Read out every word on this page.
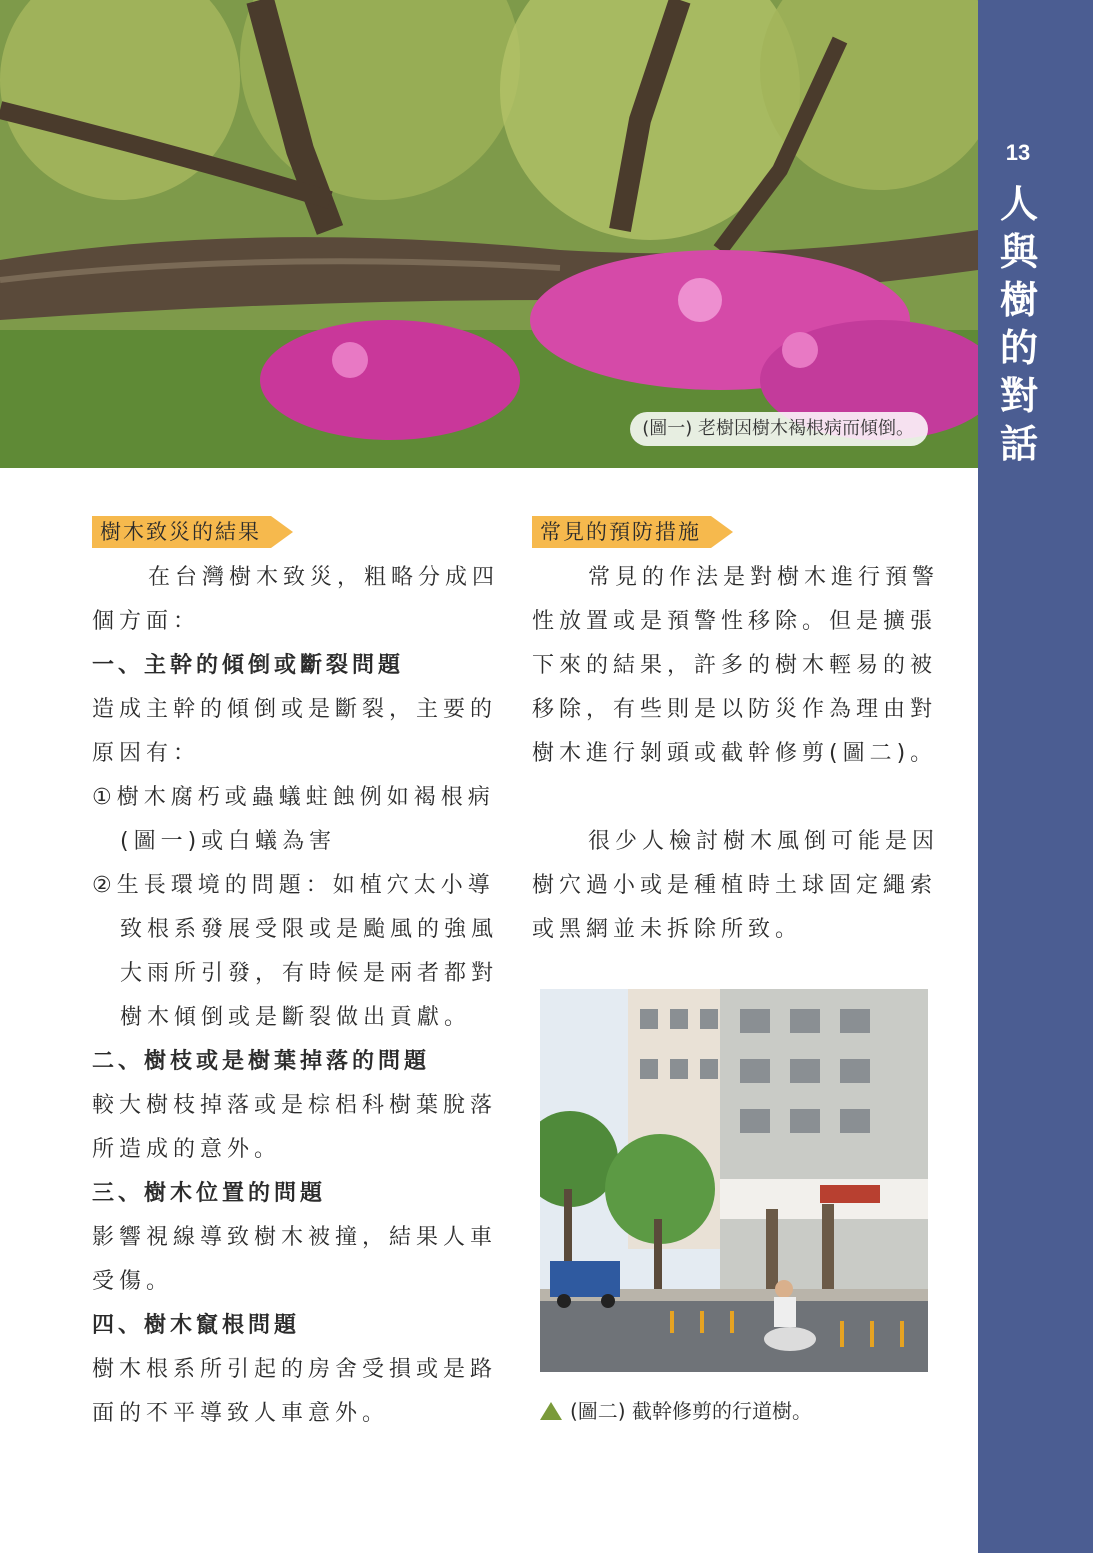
(圖一) 老樹因樹木褐根病而傾倒。
13
人
與
樹
的
對
話
樹木致災的結果
在台灣樹木致災，粗略分成四
個方面：
一、主幹的傾倒或斷裂問題
造成主幹的傾倒或是斷裂，主要的
原因有：
①樹木腐朽或蟲蟻蛀蝕例如褐根病
(圖一)或白蟻為害
②生長環境的問題：如植穴太小導
致根系發展受限或是颱風的強風
大雨所引發，有時候是兩者都對
樹木傾倒或是斷裂做出貢獻。
二、樹枝或是樹葉掉落的問題
較大樹枝掉落或是棕梠科樹葉脫落
所造成的意外。
三、樹木位置的問題
影響視線導致樹木被撞，結果人車
受傷。
四、樹木竄根問題
樹木根系所引起的房舍受損或是路
面的不平導致人車意外。
常見的預防措施
常見的作法是對樹木進行預警
性放置或是預警性移除。但是擴張
下來的結果，許多的樹木輕易的被
移除，有些則是以防災作為理由對
樹木進行剝頭或截幹修剪(圖二)。
很少人檢討樹木風倒可能是因
樹穴過小或是種植時土球固定繩索
或黑網並未拆除所致。
(圖二) 截幹修剪的行道樹。
